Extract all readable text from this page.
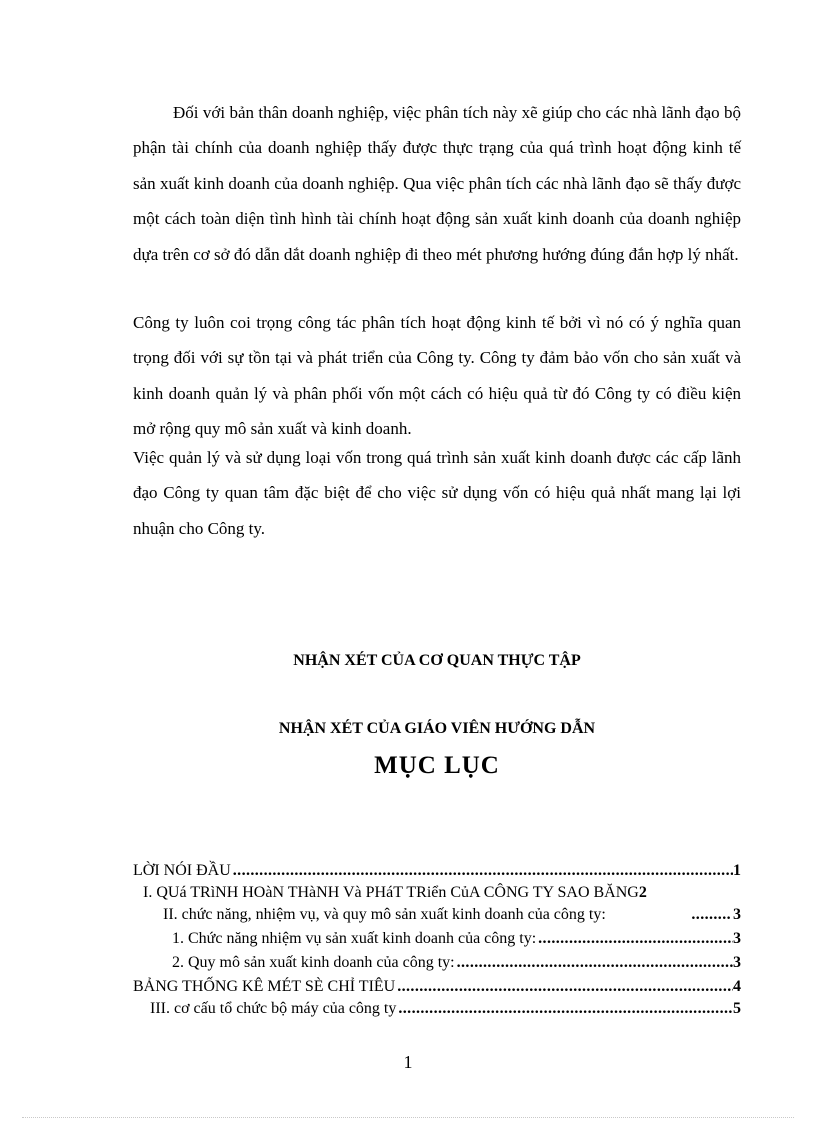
Đối với bản thân doanh nghiệp, việc phân tích này xẽ giúp cho các nhà lãnh đạo bộ phận tài chính của doanh nghiệp thấy được thực trạng của quá trình hoạt động kinh tế sản xuất kinh doanh của doanh nghiệp. Qua việc phân tích các nhà lãnh đạo sẽ thấy được một cách toàn diện tình hình tài chính hoạt động sản xuất kinh doanh của doanh nghiệp dựa trên cơ sở đó dẫn dắt doanh nghiệp đi theo mét phương hướng đúng đắn hợp lý nhất.

Công ty luôn coi trọng công tác phân tích hoạt động kinh tế bởi vì nó có ý nghĩa quan trọng đối với sự tồn tại và phát triển của Công ty. Công ty đảm bảo vốn cho sản xuất và kinh doanh quản lý và phân phối vốn một cách có hiệu quả từ đó Công ty có điều kiện mở rộng quy mô sản xuất và kinh doanh.

Việc quản lý và sử dụng loại vốn trong quá trình sản xuất kinh doanh được các cấp lãnh đạo Công ty quan tâm đặc biệt để cho việc sử dụng vốn có hiệu quả nhất mang lại lợi nhuận cho Công ty.

NHẬN XÉT CỦA CƠ QUAN THỰC TẬP
NHẬN XÉT CỦA GIÁO VIÊN HƯỚNG DẪN
MỤC LỤC
LỜI NÓI ĐẦU .....	1
I. QUá TRìNH HOàN THàNH Và PHáT TRiển CủA CÔNG TY SAO BĂNG 2
II. chức năng, nhiệm vụ, và quy mô sản xuất kinh doanh của công ty: .....	3
1. Chức năng nhiệm vụ sản xuất kinh doanh của công ty: .....	3
2. Quy mô sản xuất kinh doanh của công ty: .....	3
BẢNG THỐNG KÊ MÉT SÈ CHỈ TIÊU .....	4
III. cơ cấu tổ chức bộ máy của công ty .....	5
1
